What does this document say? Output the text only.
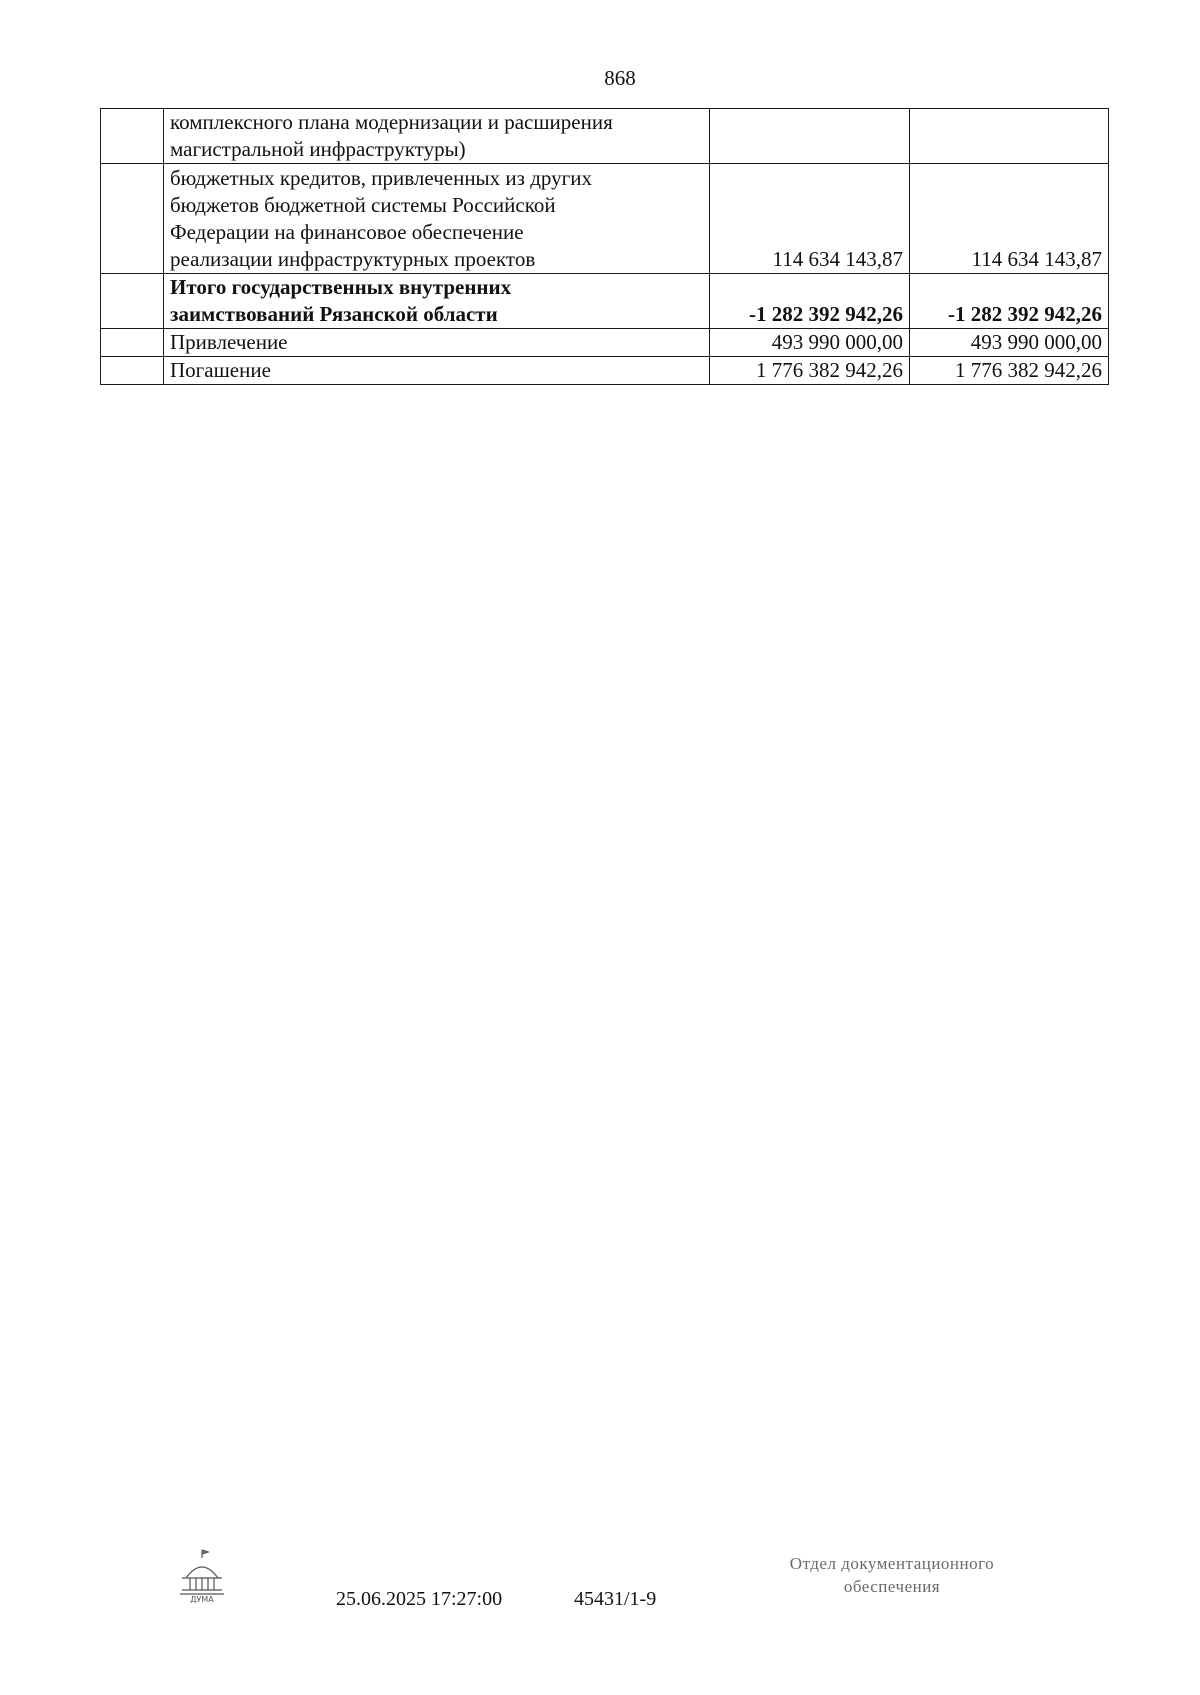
868

	комплексного плана модернизации и расширения магистральной инфраструктуры)		

	бюджетных кредитов, привлеченных из других бюджетов бюджетной системы Российской Федерации на финансовое обеспечение реализации инфраструктурных проектов	114 634 143,87	114 634 143,87

	Итого государственных внутренних заимствований Рязанской области	-1 282 392 942,26	-1 282 392 942,26
	Привлечение	493 990 000,00	493 990 000,00
	Погашение	1 776 382 942,26	1 776 382 942,26
ДУМА	25.06.2025 17:27:00	45431/1-9
Отдел документационного
обеспечения
